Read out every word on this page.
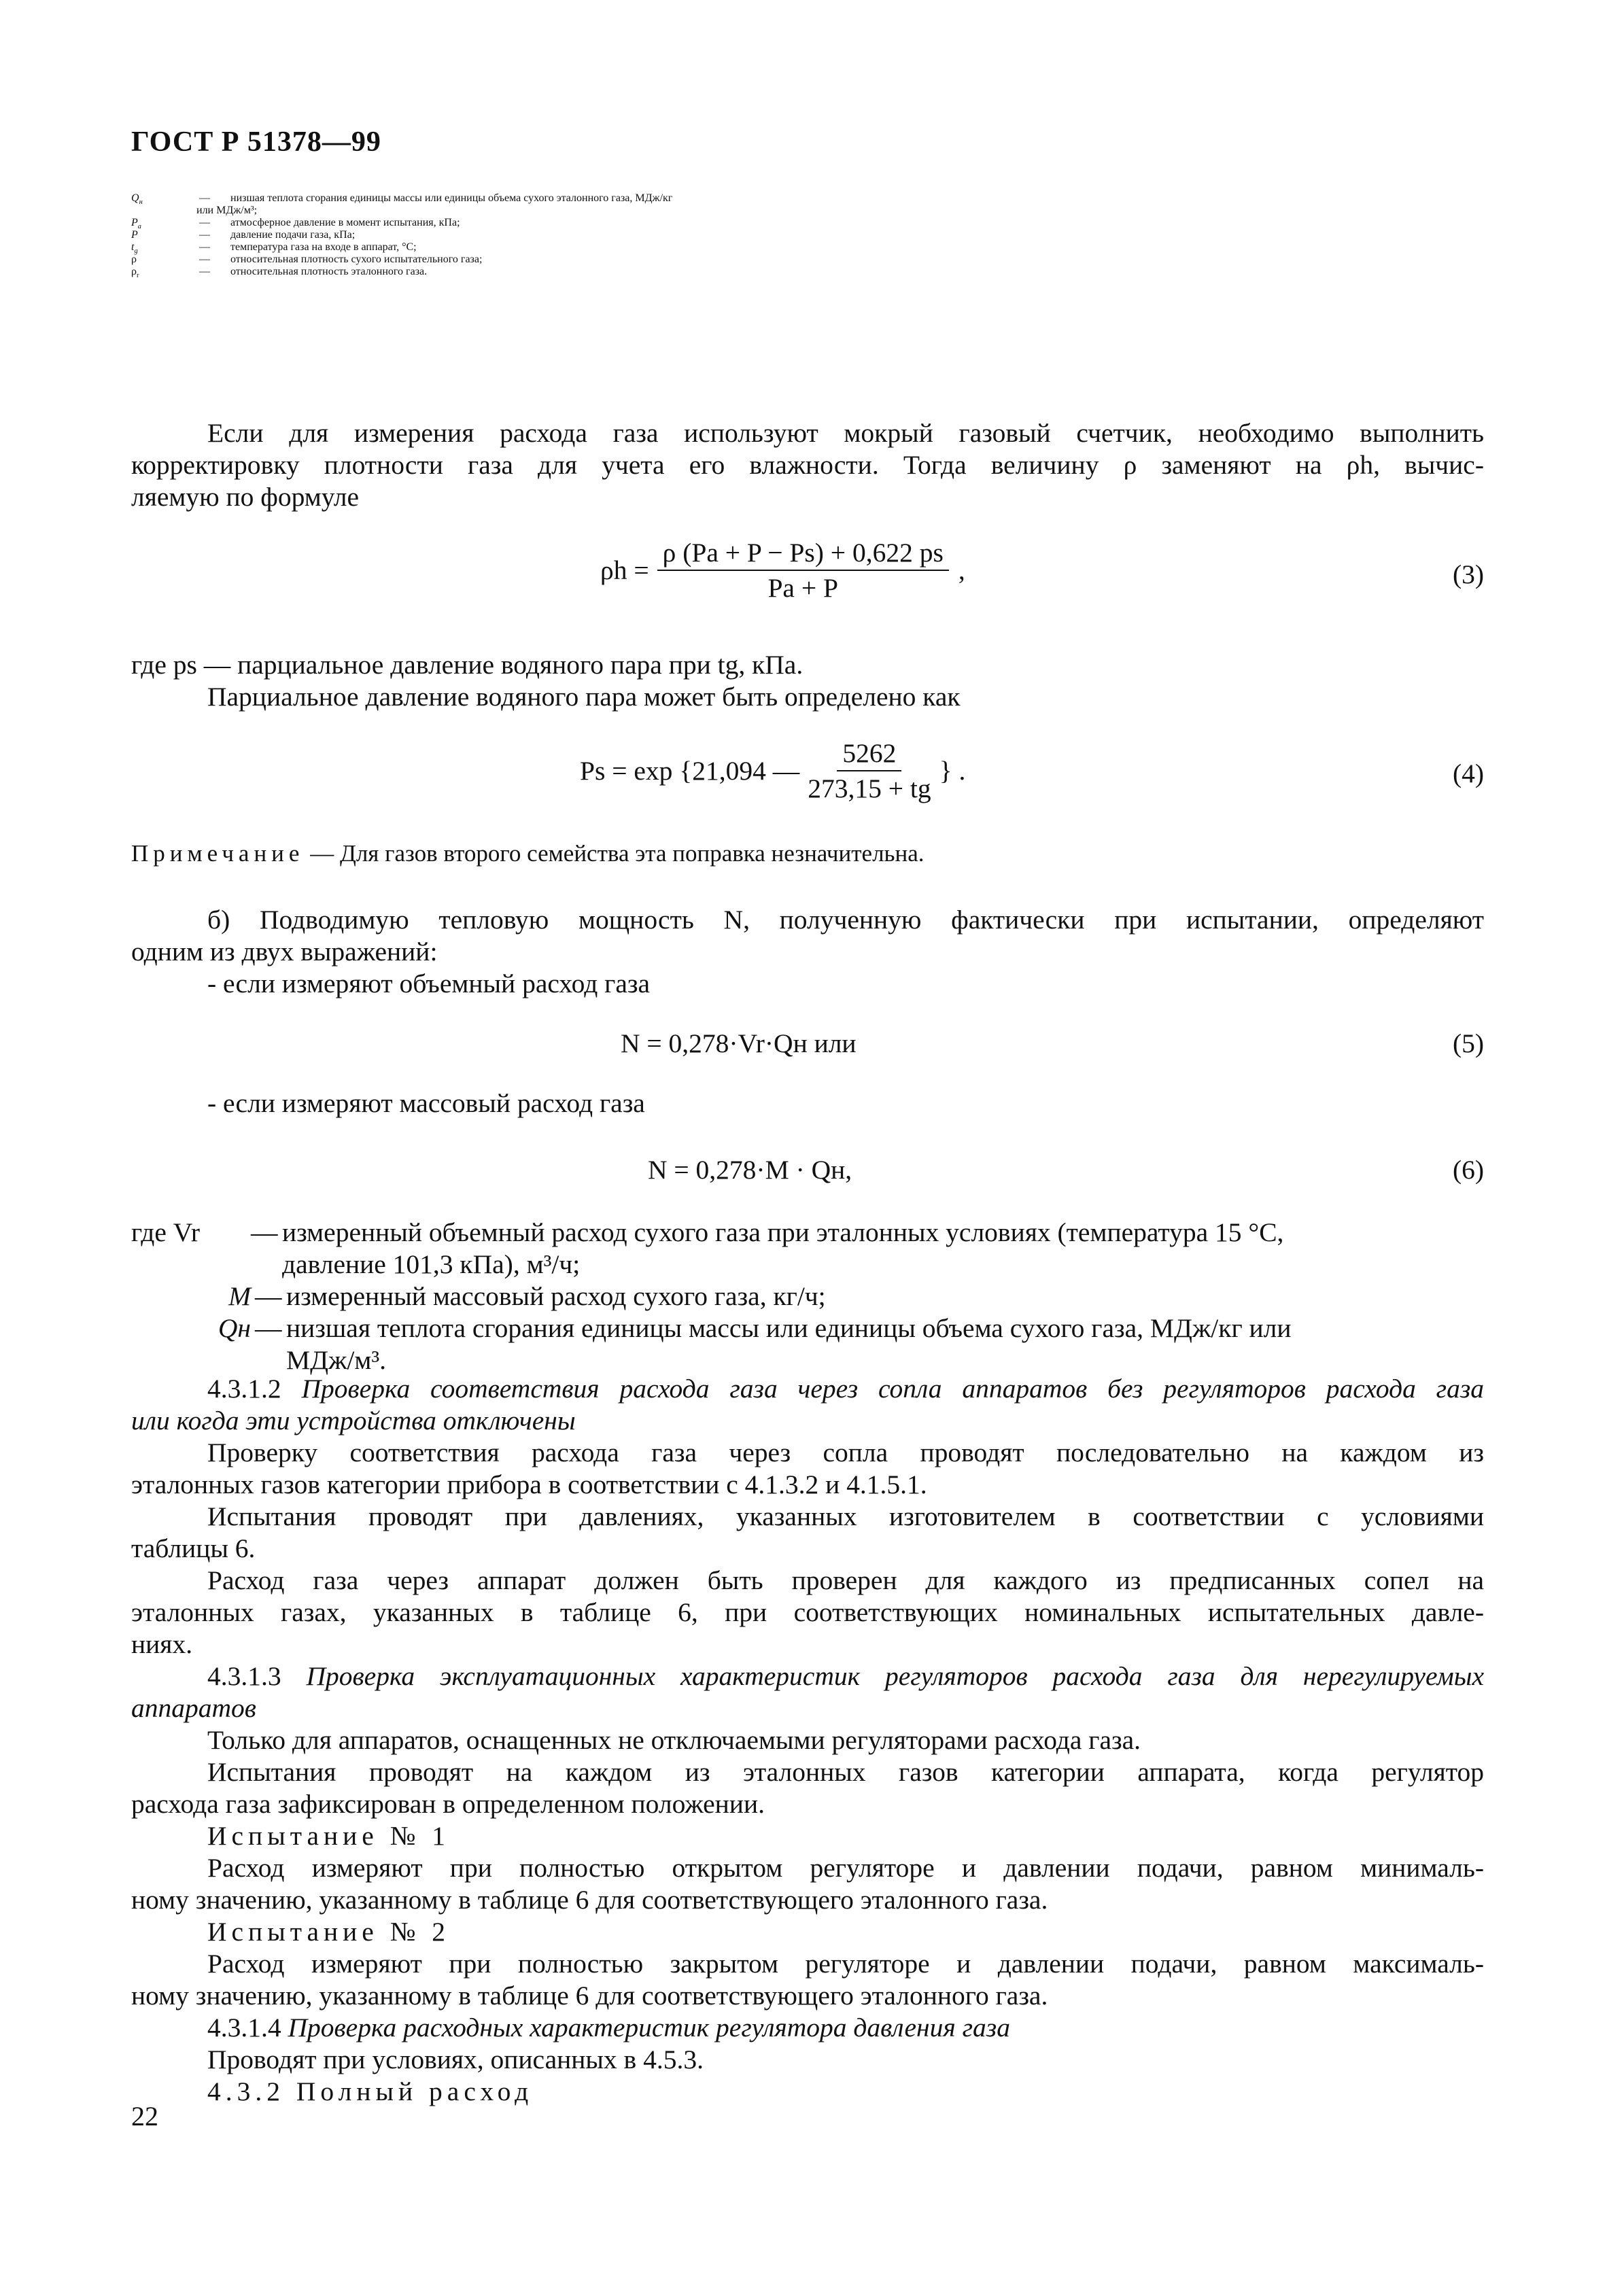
ГОСТ Р 51378—99
$Q_н$	—	низшая теплота сгорания единицы массы или единицы объема сухого эталонного газа, МДж/кг
или МДж/м³;
$P_a$	—	атмосферное давление в момент испытания, кПа;
P	—	давление подачи газа, кПа;
$t_g$	—	температура газа на входе в аппарат, °С;
ρ	—	относительная плотность сухого испытательного газа;
$\rho_r$	—	относительная плотность эталонного газа.
Если для измерения расхода газа используют мокрый газовый счетчик, необходимо выполнить
корректировку плотности газа для учета его влажности. Тогда величину ρ заменяют на ρh, вычис-
ляемую по формуле
$\rho h = \frac{\rho (Pa + P - Ps) + 0,622 ps}{Pa + P}$ ,	(3)
где ps — парциальное давление водяного пара при tg, кПа.
Парциальное давление водяного пара может быть определено как
Ps = exp {21,094 — $\frac{5262}{273,15 + tg}$ } .	(4)
Примечание — Для газов второго семейства эта поправка незначительна.
б) Подводимую тепловую мощность N, полученную фактически при испытании, определяют
одним из двух выражений:
- если измеряют объемный расход газа
N = 0,278·Vr·Qн или	(5)
- если измеряют массовый расход газа
N = 0,278·M · Qн,	(6)
где Vr	— измеренный объемный расход сухого газа при эталонных условиях (температура 15 °С,
давление 101,3 кПа), м³/ч;
M — измеренный массовый расход сухого газа, кг/ч;
Qн — низшая теплота сгорания единицы массы или единицы объема сухого газа, МДж/кг или
МДж/м³.
4.3.1.2 Проверка соответствия расхода газа через сопла аппаратов без регуляторов расхода газа
или когда эти устройства отключены
Проверку соответствия расхода газа через сопла проводят последовательно на каждом из
эталонных газов категории прибора в соответствии с 4.1.3.2 и 4.1.5.1.
Испытания проводят при давлениях, указанных изготовителем в соответствии с условиями
таблицы 6.
Расход газа через аппарат должен быть проверен для каждого из предписанных сопел на
эталонных газах, указанных в таблице 6, при соответствующих номинальных испытательных давле-
ниях.
4.3.1.3 Проверка эксплуатационных характеристик регуляторов расхода газа для нерегулируемых
аппаратов
Только для аппаратов, оснащенных не отключаемыми регуляторами расхода газа.
Испытания проводят на каждом из эталонных газов категории аппарата, когда регулятор
расхода газа зафиксирован в определенном положении.
Испытание № 1
Расход измеряют при полностью открытом регуляторе и давлении подачи, равном минималь-
ному значению, указанному в таблице 6 для соответствующего эталонного газа.
Испытание № 2
Расход измеряют при полностью закрытом регуляторе и давлении подачи, равном максималь-
ному значению, указанному в таблице 6 для соответствующего эталонного газа.
4.3.1.4 Проверка расходных характеристик регулятора давления газа
Проводят при условиях, описанных в 4.5.3.
4.3.2 Полный расход
22
